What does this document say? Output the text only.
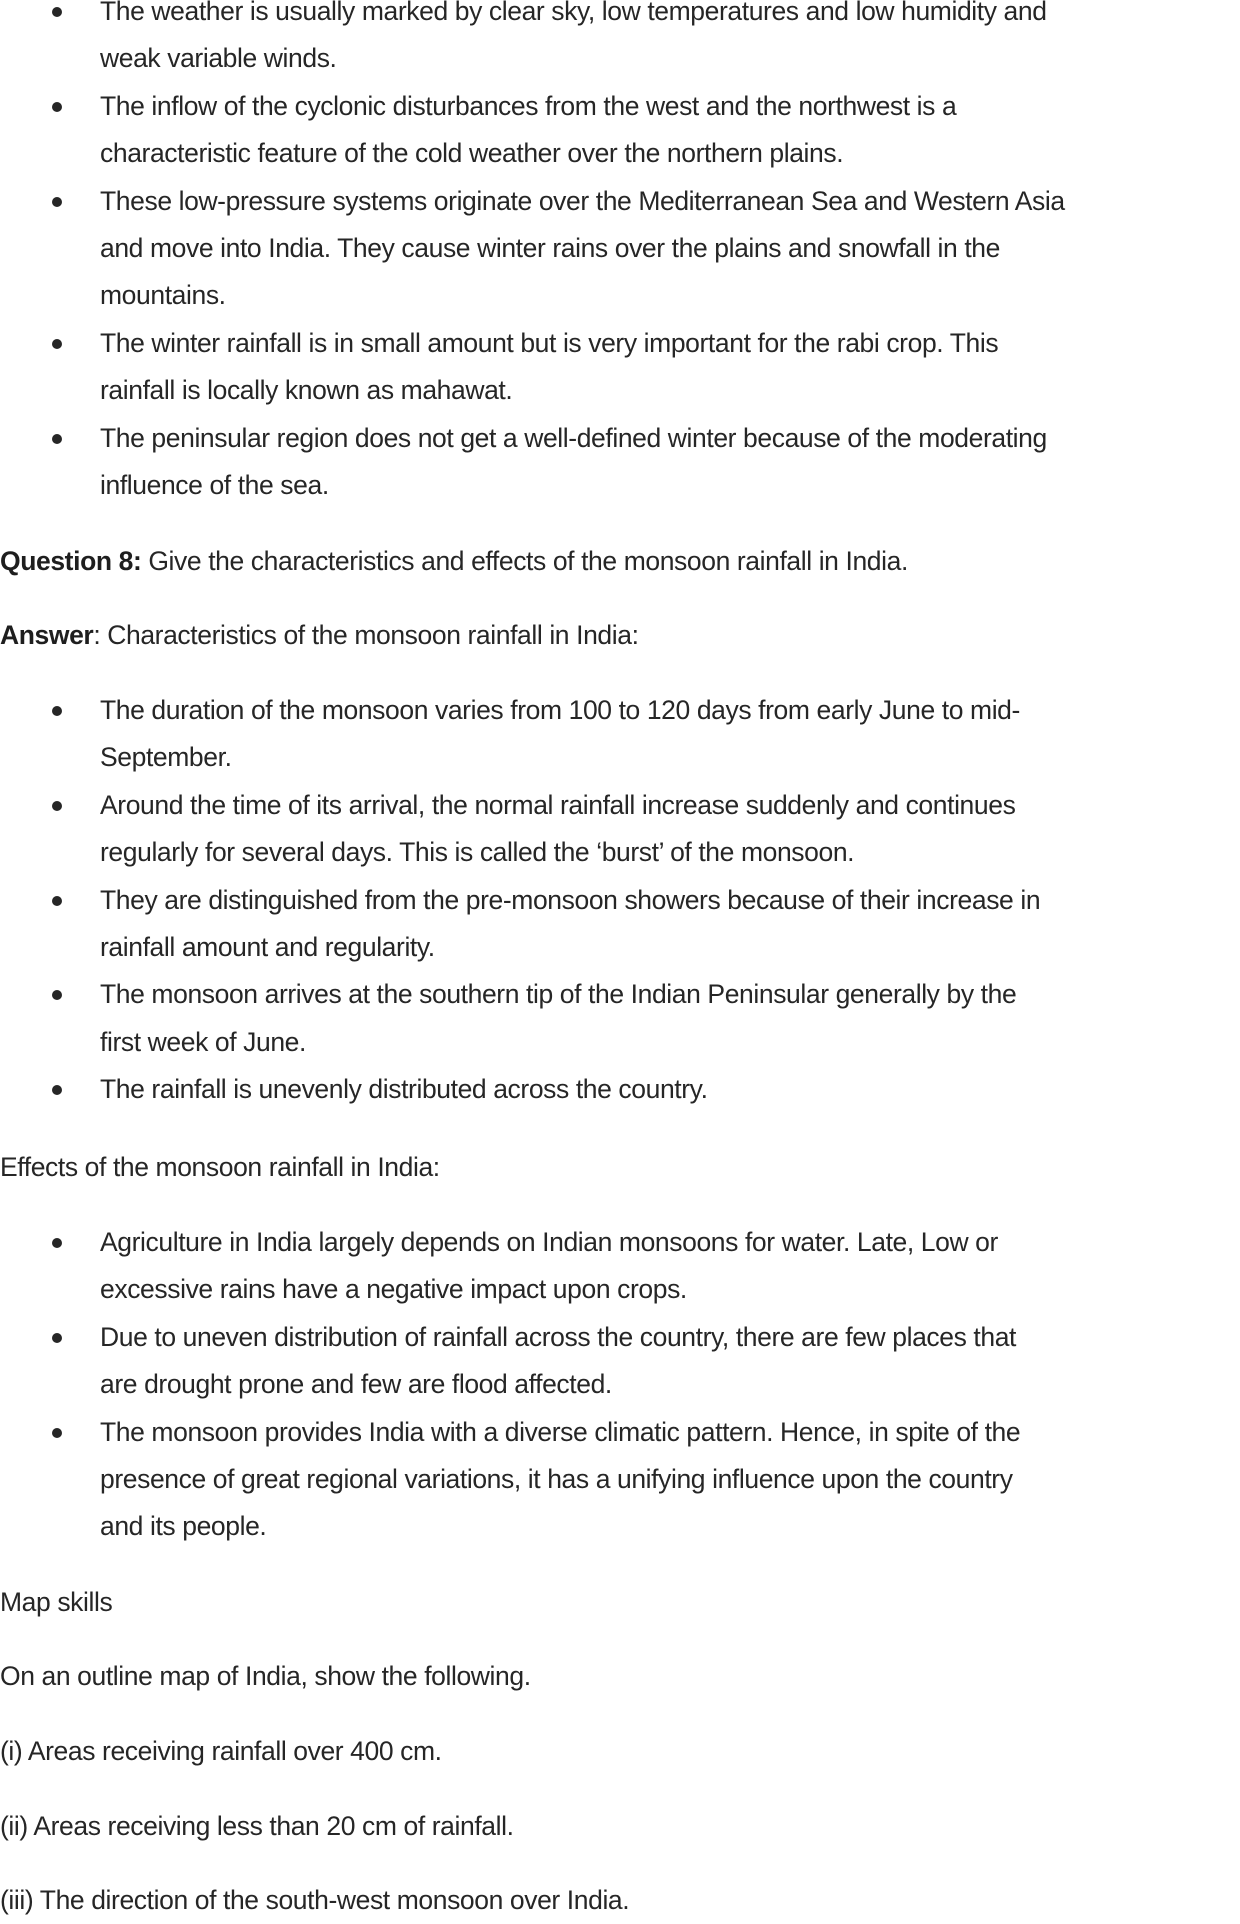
The weather is usually marked by clear sky, low temperatures and low humidity and
weak variable winds.
The inflow of the cyclonic disturbances from the west and the northwest is a
characteristic feature of the cold weather over the northern plains.
These low-pressure systems originate over the Mediterranean Sea and Western Asia
and move into India. They cause winter rains over the plains and snowfall in the
mountains.
The winter rainfall is in small amount but is very important for the rabi crop. This
rainfall is locally known as mahawat.
The peninsular region does not get a well-defined winter because of the moderating
influence of the sea.
Question 8: Give the characteristics and effects of the monsoon rainfall in India.
Answer: Characteristics of the monsoon rainfall in India:
The duration of the monsoon varies from 100 to 120 days from early June to mid-
September.
Around the time of its arrival, the normal rainfall increase suddenly and continues
regularly for several days. This is called the ‘burst’ of the monsoon.
They are distinguished from the pre-monsoon showers because of their increase in
rainfall amount and regularity.
The monsoon arrives at the southern tip of the Indian Peninsular generally by the
first week of June.
The rainfall is unevenly distributed across the country.
Effects of the monsoon rainfall in India:
Agriculture in India largely depends on Indian monsoons for water. Late, Low or
excessive rains have a negative impact upon crops.
Due to uneven distribution of rainfall across the country, there are few places that
are drought prone and few are flood affected.
The monsoon provides India with a diverse climatic pattern. Hence, in spite of the
presence of great regional variations, it has a unifying influence upon the country
and its people.
Map skills
On an outline map of India, show the following.
(i) Areas receiving rainfall over 400 cm.
(ii) Areas receiving less than 20 cm of rainfall.
(iii) The direction of the south-west monsoon over India.
